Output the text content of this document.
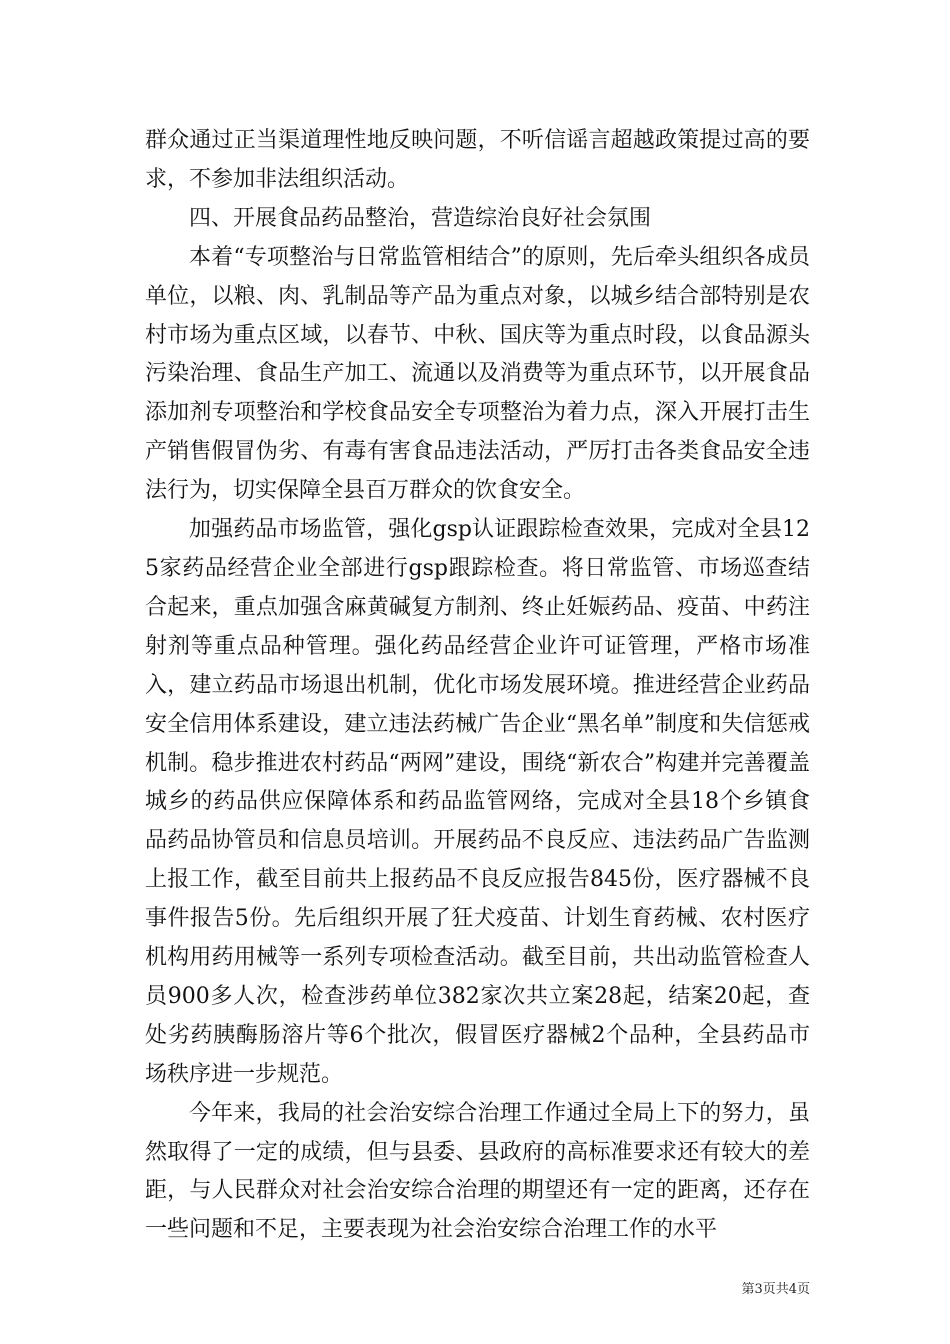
群众通过正当渠道理性地反映问题，不听信谣言超越政策提过高的要求，不参加非法组织活动。

四、开展食品药品整治，营造综治良好社会氛围

本着“专项整治与日常监管相结合”的原则，先后牵头组织各成员单位，以粮、肉、乳制品等产品为重点对象，以城乡结合部特别是农村市场为重点区域，以春节、中秋、国庆等为重点时段，以食品源头污染治理、食品生产加工、流通以及消费等为重点环节，以开展食品添加剂专项整治和学校食品安全专项整治为着力点，深入开展打击生产销售假冒伪劣、有毒有害食品违法活动，严厉打击各类食品安全违法行为，切实保障全县百万群众的饮食安全。

加强药品市场监管，强化gsp认证跟踪检查效果，完成对全县125家药品经营企业全部进行gsp跟踪检查。将日常监管、市场巡查结合起来，重点加强含麻黄碱复方制剂、终止妊娠药品、疫苗、中药注射剂等重点品种管理。强化药品经营企业许可证管理，严格市场准入，建立药品市场退出机制，优化市场发展环境。推进经营企业药品安全信用体系建设，建立违法药械广告企业“黑名单”制度和失信惩戒机制。稳步推进农村药品“两网”建设，围绕“新农合”构建并完善覆盖城乡的药品供应保障体系和药品监管网络，完成对全县18个乡镇食品药品协管员和信息员培训。开展药品不良反应、违法药品广告监测上报工作，截至目前共上报药品不良反应报告845份，医疗器械不良事件报告5份。先后组织开展了狂犬疫苗、计划生育药械、农村医疗机构用药用械等一系列专项检查活动。截至目前，共出动监管检查人员900多人次，检查涉药单位382家次共立案28起，结案20起，查处劣药胰酶肠溶片等6个批次，假冒医疗器械2个品种，全县药品市场秩序进一步规范。

今年来，我局的社会治安综合治理工作通过全局上下的努力，虽然取得了一定的成绩，但与县委、县政府的高标准要求还有较大的差距，与人民群众对社会治安综合治理的期望还有一定的距离，还存在一些问题和不足，主要表现为社会治安综合治理工作的水平

第3页共4页
